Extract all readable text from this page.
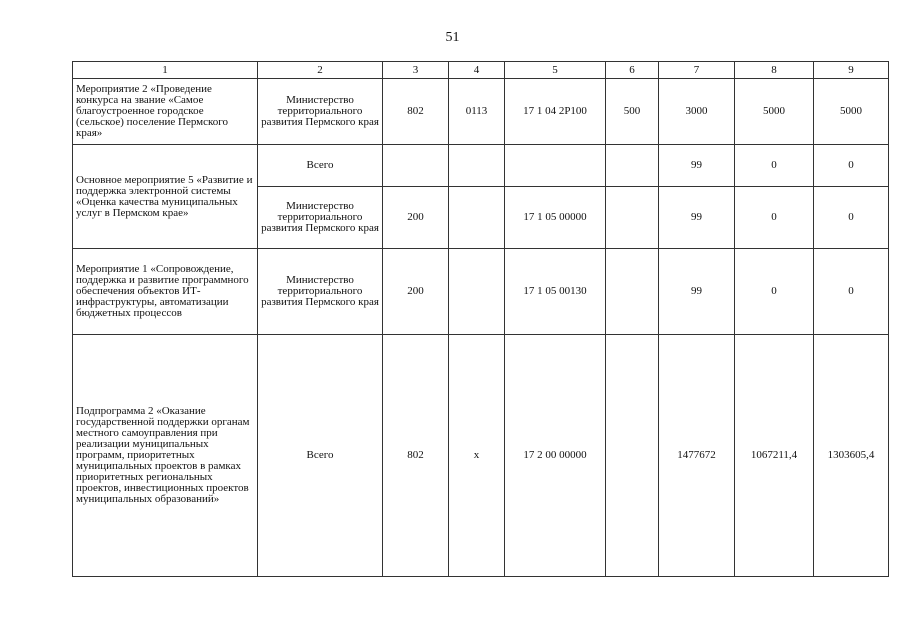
51
1	2	3	4	5	6	7	8	9
Мероприятие 2 «Проведение конкурса на звание «Самое благоустроенное городское (сельское) поселение Пермского края»	Министерство территориального развития Пермского края	802	0113	17 1 04 2Р100	500	3000	5000	5000
Основное мероприятие 5 «Развитие и поддержка электронной системы «Оценка качества муниципальных услуг в Пермском крае»	Всего					99	0	0
	Министерство территориального развития Пермского края	200		17 1 05 00000		99	0	0
Мероприятие 1 «Сопровождение, поддержка и развитие программного обеспечения объектов ИТ-инфраструктуры, автоматизации бюджетных процессов	Министерство территориального развития Пермского края	200		17 1 05 00130		99	0	0
Подпрограмма 2 «Оказание государственной поддержки органам местного самоуправления при реализации муниципальных программ, приоритетных муниципальных проектов в рамках приоритетных региональных проектов, инвестиционных проектов муниципальных образований»	Всего	802	х	17 2 00 00000		1477672	1067211,4	1303605,4
